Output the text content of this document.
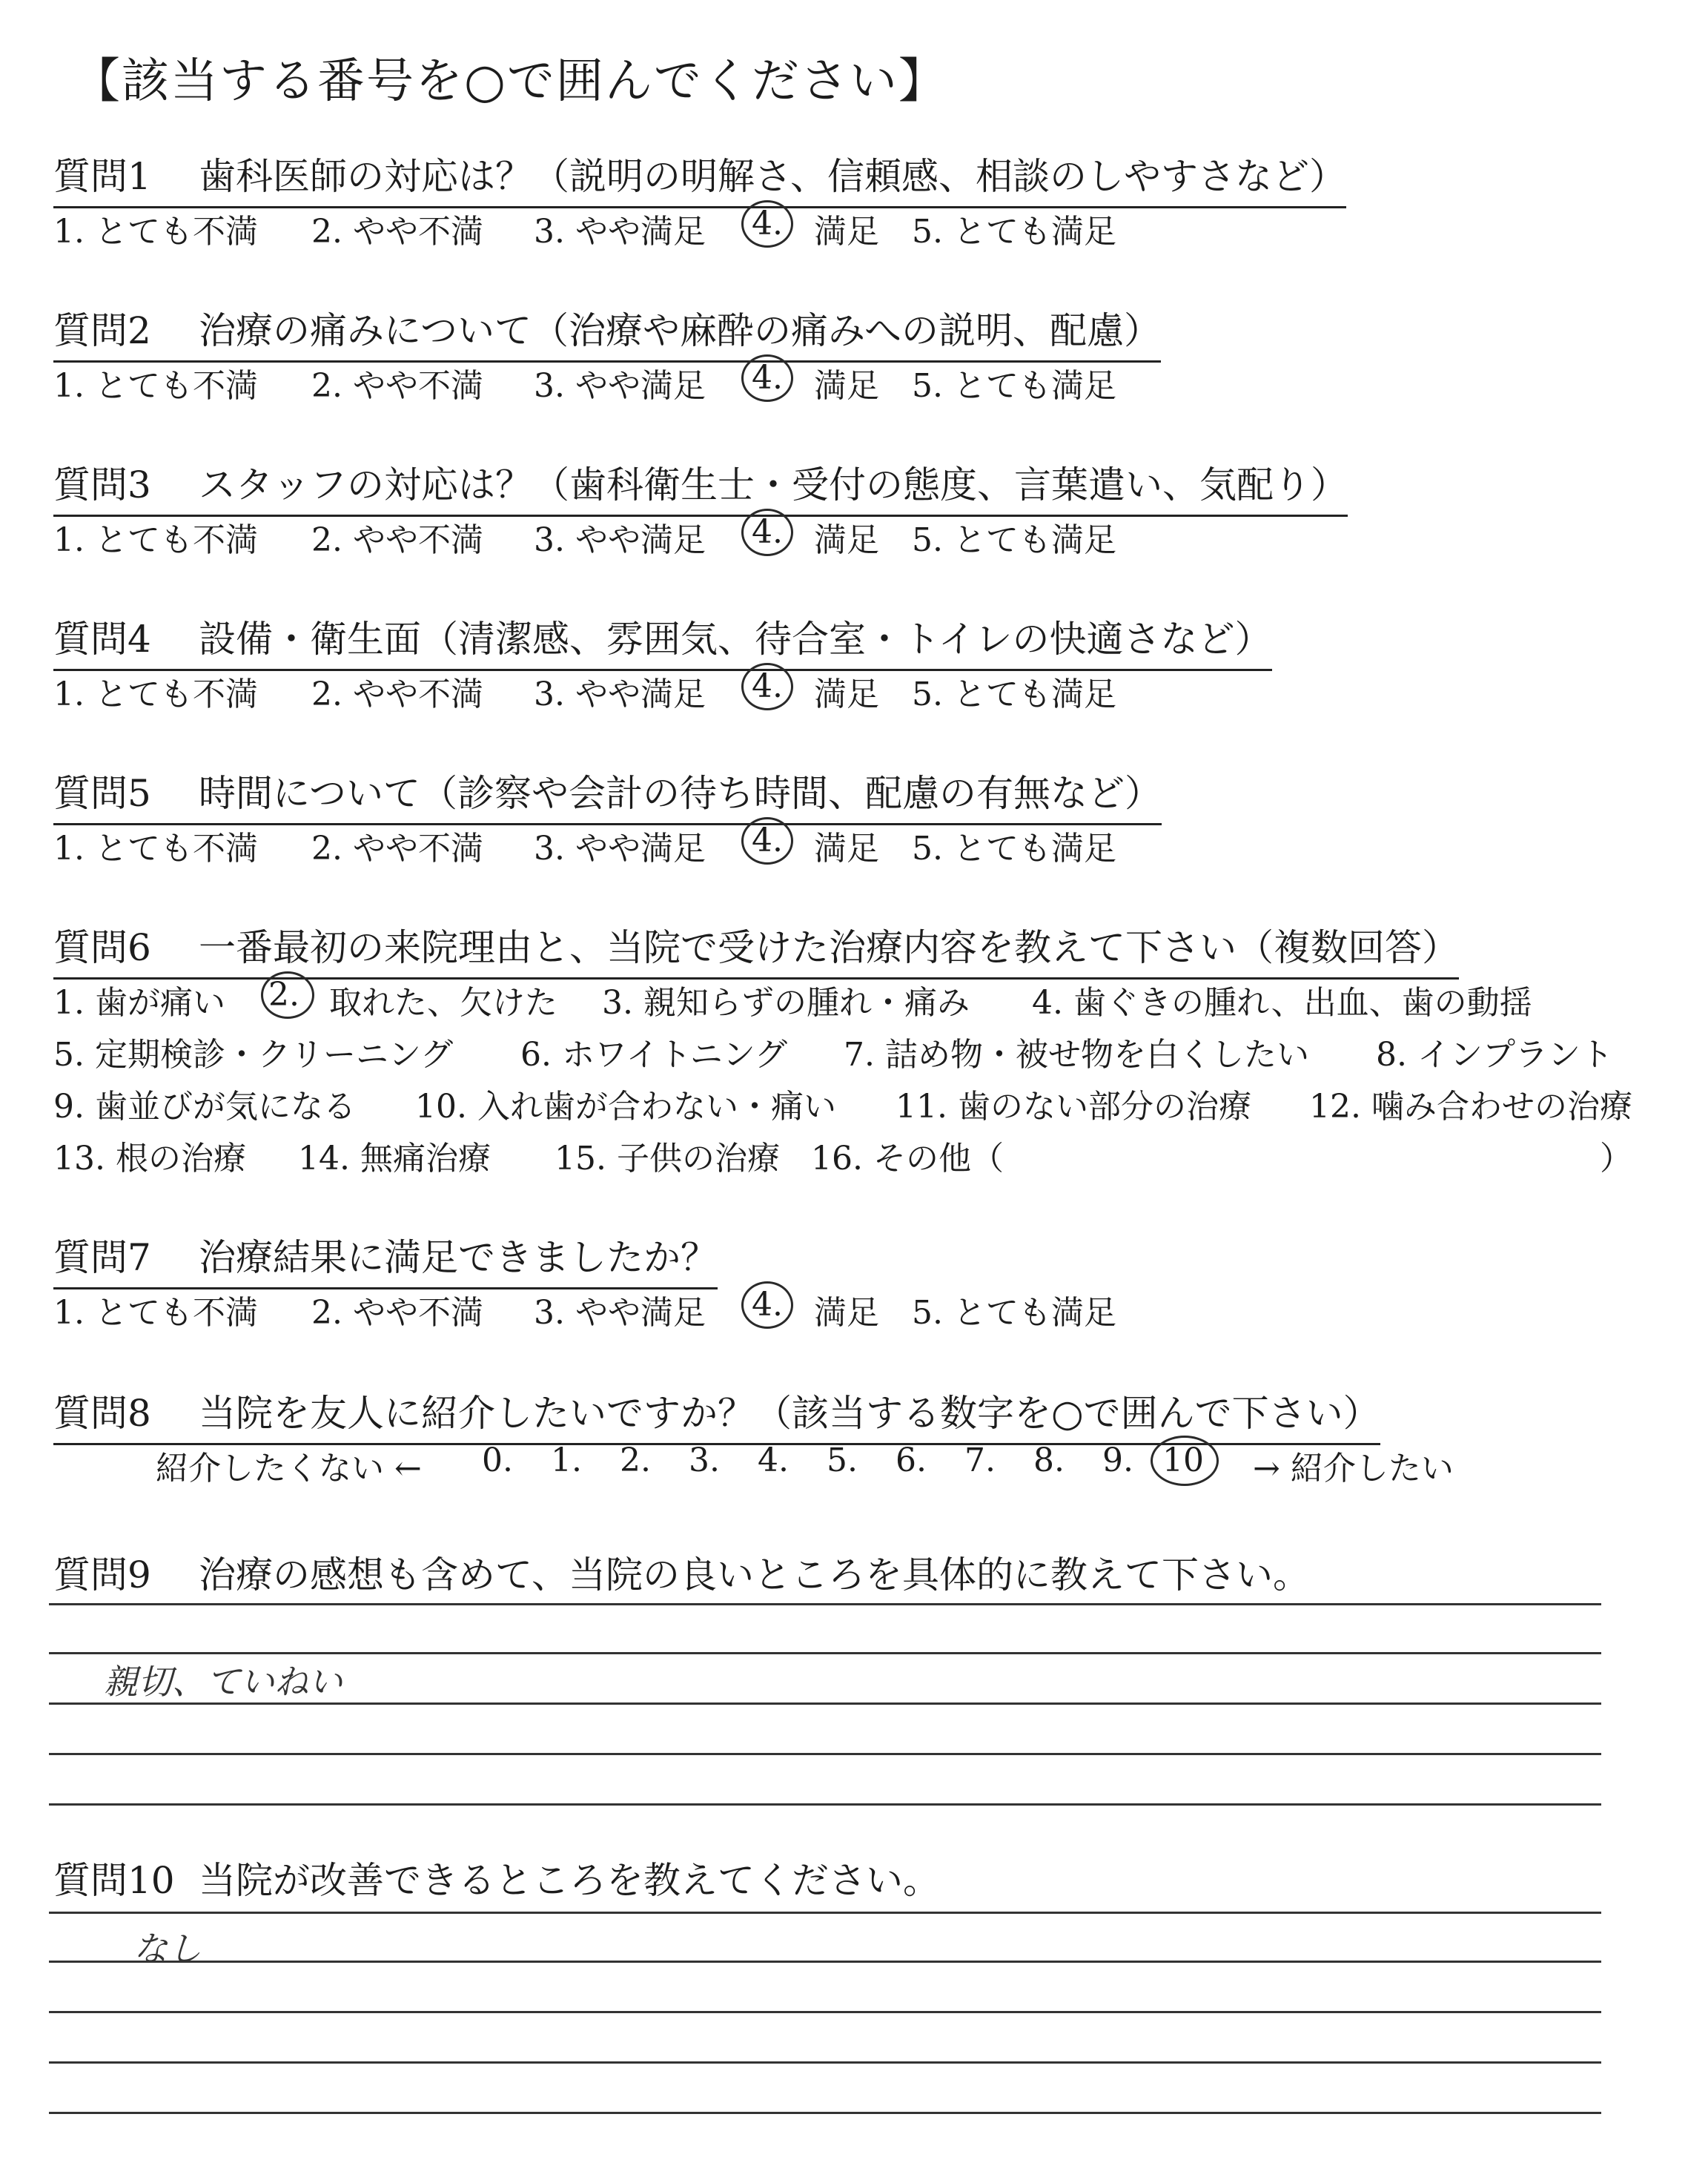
【該当する番号を○で囲んでください】
質問1 歯科医師の対応は？（説明の明解さ、信頼感、相談のしやすさなど）
1. とても不満 2. やや不満 3. やや満足 4. 満足 5. とても満足
質問2 治療の痛みについて（治療や麻酔の痛みへの説明、配慮）
1. とても不満 2. やや不満 3. やや満足 4. 満足 5. とても満足
質問3 スタッフの対応は？（歯科衛生士・受付の態度、言葉遣い、気配り）
1. とても不満 2. やや不満 3. やや満足 4. 満足 5. とても満足
質問4 設備・衛生面（清潔感、雰囲気、待合室・トイレの快適さなど）
1. とても不満 2. やや不満 3. やや満足 4. 満足 5. とても満足
質問5 時間について（診察や会計の待ち時間、配慮の有無など）
1. とても不満 2. やや不満 3. やや満足 4. 満足 5. とても満足
質問6 一番最初の来院理由と、当院で受けた治療内容を教えて下さい（複数回答）
1. 歯が痛い 2. 取れた、欠けた 3. 親知らずの腫れ・痛み 4. 歯ぐきの腫れ、出血、歯の動揺
5. 定期検診・クリーニング 6. ホワイトニング 7. 詰め物・被せ物を白くしたい 8. インプラント
9. 歯並びが気になる 10. 入れ歯が合わない・痛い 11. 歯のない部分の治療 12. 噛み合わせの治療
13. 根の治療 14. 無痛治療 15. 子供の治療 16. その他（	）
質問7 治療結果に満足できましたか？
1. とても不満 2. やや不満 3. やや満足 4. 満足 5. とても満足
質問8 当院を友人に紹介したいですか？（該当する数字を○で囲んで下さい）
紹介したくない ← 0. 1. 2. 3. 4. 5. 6. 7. 8. 9. 10 → 紹介したい
質問9 治療の感想も含めて、当院の良いところを具体的に教えて下さい。
親切、ていねい
質問10 当院が改善できるところを教えてください。
なし
